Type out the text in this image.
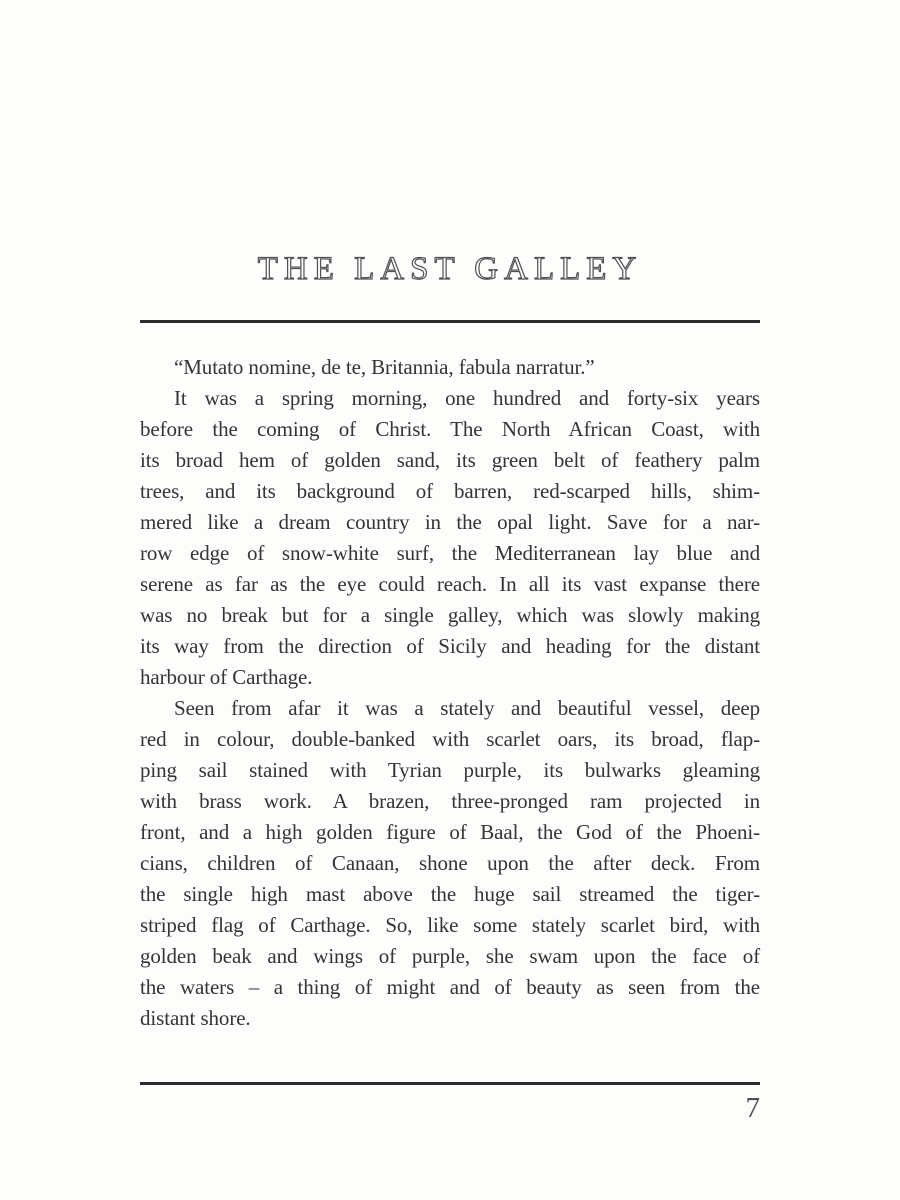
THE LAST GALLEY
“Mutato nomine, de te, Britannia, fabula narratur.”
It was a spring morning, one hundred and forty-six years
before the coming of Christ. The North African Coast, with
its broad hem of golden sand, its green belt of feathery palm
trees, and its background of barren, red-scarped hills, shim-
mered like a dream country in the opal light. Save for a nar-
row edge of snow-white surf, the Mediterranean lay blue and
serene as far as the eye could reach. In all its vast expanse there
was no break but for a single galley, which was slowly making
its way from the direction of Sicily and heading for the distant
harbour of Carthage.
Seen from afar it was a stately and beautiful vessel, deep
red in colour, double-banked with scarlet oars, its broad, flap-
ping sail stained with Tyrian purple, its bulwarks gleaming
with brass work. A brazen, three-pronged ram projected in
front, and a high golden figure of Baal, the God of the Phoeni-
cians, children of Canaan, shone upon the after deck. From
the single high mast above the huge sail streamed the tiger-
striped flag of Carthage. So, like some stately scarlet bird, with
golden beak and wings of purple, she swam upon the face of
the waters – a thing of might and of beauty as seen from the
distant shore.
7
